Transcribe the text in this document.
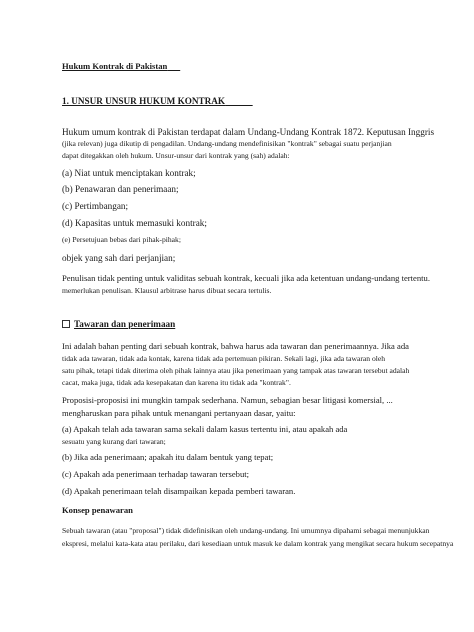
Hukum Kontrak di Pakistan
1. UNSUR UNSUR HUKUM KONTRAK
Hukum umum kontrak di Pakistan terdapat dalam Undang-Undang Kontrak 1872. Keputusan Inggris
(jika relevan) juga dikutip di pengadilan. Undang-undang mendefinisikan "kontrak" sebagai suatu perjanjian
dapat ditegakkan oleh hukum. Unsur-unsur dari kontrak yang (sah) adalah:
(a) Niat untuk menciptakan kontrak;
(b) Penawaran dan penerimaan;
(c) Pertimbangan;
(d) Kapasitas untuk memasuki kontrak;
(e) Persetujuan bebas dari pihak-pihak;
objek yang sah dari perjanjian;
Penulisan tidak penting untuk validitas sebuah kontrak, kecuali jika ada ketentuan undang-undang tertentu.
memerlukan penulisan. Klausul arbitrase harus dibuat secara tertulis.
Tawaran dan penerimaan
Ini adalah bahan penting dari sebuah kontrak, bahwa harus ada tawaran dan penerimaannya. Jika ada
tidak ada tawaran, tidak ada kontak, karena tidak ada pertemuan pikiran. Sekali lagi, jika ada tawaran oleh
satu pihak, tetapi tidak diterima oleh pihak lainnya atau jika penerimaan yang tampak atas tawaran tersebut adalah
cacat, maka juga, tidak ada kesepakatan dan karena itu tidak ada "kontrak".
Proposisi-proposisi ini mungkin tampak sederhana. Namun, sebagian besar litigasi komersial, ...
mengharuskan para pihak untuk menangani pertanyaan dasar, yaitu:
(a) Apakah telah ada tawaran sama sekali dalam kasus tertentu ini, atau apakah ada
sesuatu yang kurang dari tawaran;
(b) Jika ada penerimaan; apakah itu dalam bentuk yang tepat;
(c) Apakah ada penerimaan terhadap tawaran tersebut;
(d) Apakah penerimaan telah disampaikan kepada pemberi tawaran.
Konsep penawaran
Sebuah tawaran (atau "proposal") tidak didefinisikan oleh undang-undang. Ini umumnya dipahami sebagai menunjukkan
ekspresi, melalui kata-kata atau perilaku, dari kesediaan untuk masuk ke dalam kontrak yang mengikat secara hukum secepatnya
